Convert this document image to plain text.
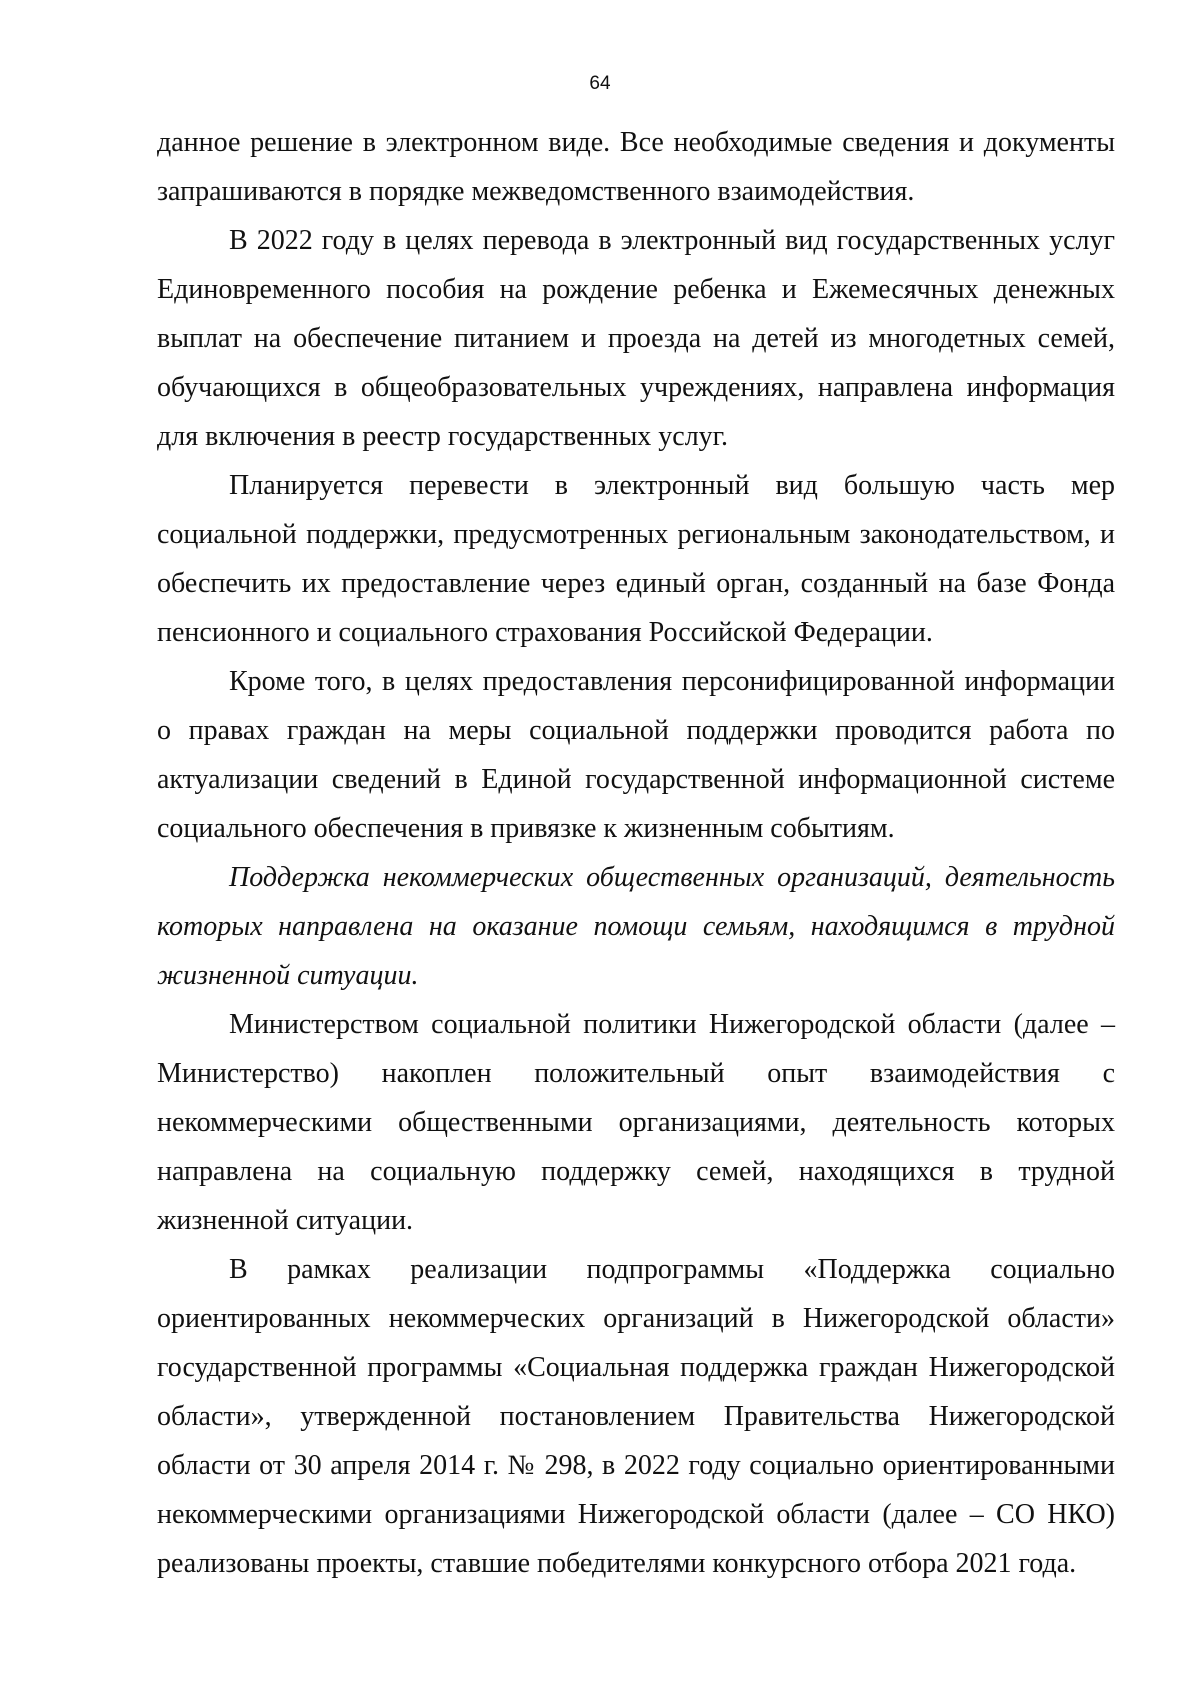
64

данное решение в электронном виде. Все необходимые сведения и документы запрашиваются в порядке межведомственного взаимодействия.

В 2022 году в целях перевода в электронный вид государственных услуг Единовременного пособия на рождение ребенка и Ежемесячных денежных выплат на обеспечение питанием и проезда на детей из многодетных семей, обучающихся в общеобразовательных учреждениях, направлена информация для включения в реестр государственных услуг.

Планируется перевести в электронный вид большую часть мер социальной поддержки, предусмотренных региональным законодательством, и обеспечить их предоставление через единый орган, созданный на базе Фонда пенсионного и социального страхования Российской Федерации.

Кроме того, в целях предоставления персонифицированной информации о правах граждан на меры социальной поддержки проводится работа по актуализации сведений в Единой государственной информационной системе социального обеспечения в привязке к жизненным событиям.

Поддержка некоммерческих общественных организаций, деятельность которых направлена на оказание помощи семьям, находящимся в трудной жизненной ситуации.

Министерством социальной политики Нижегородской области (далее – Министерство) накоплен положительный опыт взаимодействия с некоммерческими общественными организациями, деятельность которых направлена на социальную поддержку семей, находящихся в трудной жизненной ситуации.

В рамках реализации подпрограммы «Поддержка социально ориентированных некоммерческих организаций в Нижегородской области» государственной программы «Социальная поддержка граждан Нижегородской области», утвержденной постановлением Правительства Нижегородской области от 30 апреля 2014 г. № 298, в 2022 году социально ориентированными некоммерческими организациями Нижегородской области (далее – СО НКО) реализованы проекты, ставшие победителями конкурсного отбора 2021 года.
